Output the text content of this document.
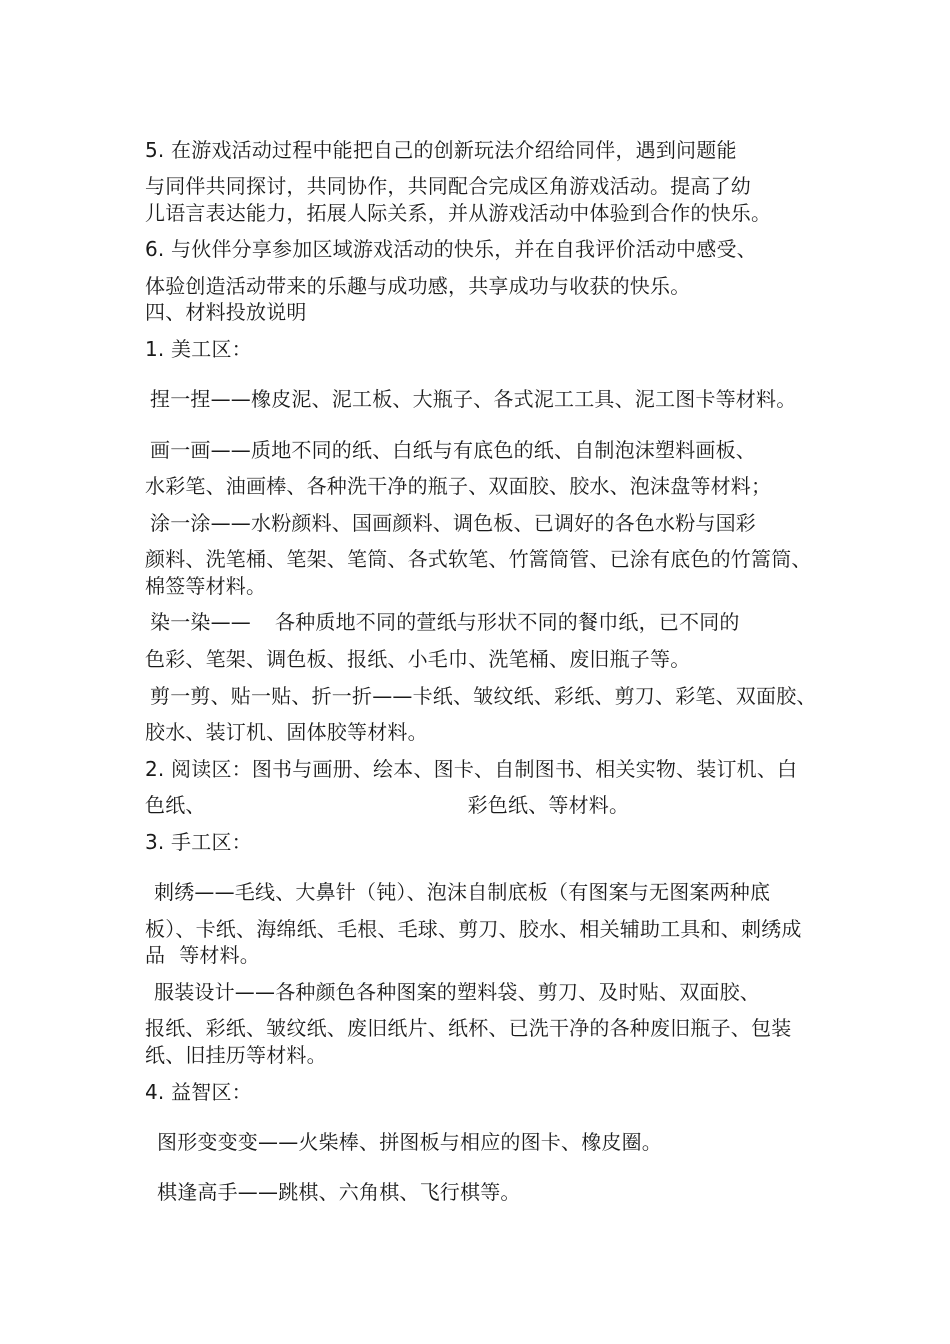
5. 在游戏活动过程中能把自己的创新玩法介绍给同伴，遇到问题能
与同伴共同探讨，共同协作，共同配合完成区角游戏活动。提高了幼
儿语言表达能力，拓展人际关系，并从游戏活动中体验到合作的快乐。
6. 与伙伴分享参加区域游戏活动的快乐，并在自我评价活动中感受、
体验创造活动带来的乐趣与成功感，共享成功与收获的快乐。
四、材料投放说明
1. 美工区：
捏一捏——橡皮泥、泥工板、大瓶子、各式泥工工具、泥工图卡等材料。
画一画——质地不同的纸、白纸与有底色的纸、自制泡沫塑料画板、
水彩笔、油画棒、各种洗干净的瓶子、双面胶、胶水、泡沫盘等材料；
涂一涂——水粉颜料、国画颜料、调色板、已调好的各色水粉与国彩
颜料、洗笔桶、笔架、笔筒、各式软笔、竹篙筒管、已涂有底色的竹篙筒、
棉签等材料。
染一染—— 各种质地不同的萱纸与形状不同的餐巾纸，已不同的
色彩、笔架、调色板、报纸、小毛巾、洗笔桶、废旧瓶子等。
剪一剪、贴一贴、折一折——卡纸、皱纹纸、彩纸、剪刀、彩笔、双面胶、
胶水、装订机、固体胶等材料。
2. 阅读区：图书与画册、绘本、图卡、自制图书、相关实物、装订机、白
色纸、	彩色纸、等材料。
3. 手工区：
刺绣——毛线、大鼻针（钝）、泡沫自制底板（有图案与无图案两种底
板）、卡纸、海绵纸、毛根、毛球、剪刀、胶水、相关辅助工具和、刺绣成
品 等材料。
服装设计——各种颜色各种图案的塑料袋、剪刀、及时贴、双面胶、
报纸、彩纸、皱纹纸、废旧纸片、纸杯、已洗干净的各种废旧瓶子、包装
纸、旧挂历等材料。
4. 益智区：
图形变变变——火柴棒、拼图板与相应的图卡、橡皮圈。
棋逢高手——跳棋、六角棋、飞行棋等。
